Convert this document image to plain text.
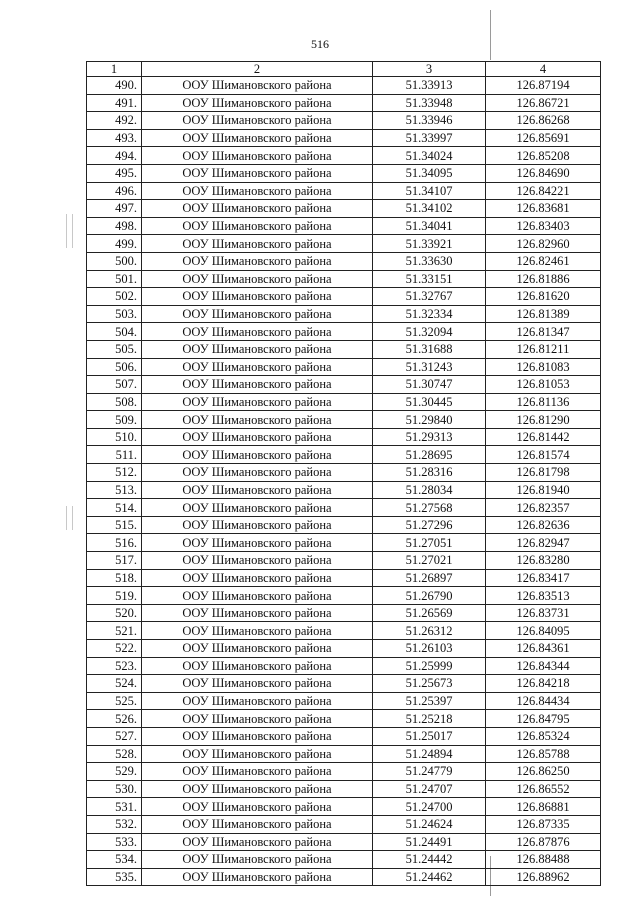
516
1	2	3	4
490.	ООУ Шимановского района	51.33913	126.87194
491.	ООУ Шимановского района	51.33948	126.86721
492.	ООУ Шимановского района	51.33946	126.86268
493.	ООУ Шимановского района	51.33997	126.85691
494.	ООУ Шимановского района	51.34024	126.85208
495.	ООУ Шимановского района	51.34095	126.84690
496.	ООУ Шимановского района	51.34107	126.84221
497.	ООУ Шимановского района	51.34102	126.83681
498.	ООУ Шимановского района	51.34041	126.83403
499.	ООУ Шимановского района	51.33921	126.82960
500.	ООУ Шимановского района	51.33630	126.82461
501.	ООУ Шимановского района	51.33151	126.81886
502.	ООУ Шимановского района	51.32767	126.81620
503.	ООУ Шимановского района	51.32334	126.81389
504.	ООУ Шимановского района	51.32094	126.81347
505.	ООУ Шимановского района	51.31688	126.81211
506.	ООУ Шимановского района	51.31243	126.81083
507.	ООУ Шимановского района	51.30747	126.81053
508.	ООУ Шимановского района	51.30445	126.81136
509.	ООУ Шимановского района	51.29840	126.81290
510.	ООУ Шимановского района	51.29313	126.81442
511.	ООУ Шимановского района	51.28695	126.81574
512.	ООУ Шимановского района	51.28316	126.81798
513.	ООУ Шимановского района	51.28034	126.81940
514.	ООУ Шимановского района	51.27568	126.82357
515.	ООУ Шимановского района	51.27296	126.82636
516.	ООУ Шимановского района	51.27051	126.82947
517.	ООУ Шимановского района	51.27021	126.83280
518.	ООУ Шимановского района	51.26897	126.83417
519.	ООУ Шимановского района	51.26790	126.83513
520.	ООУ Шимановского района	51.26569	126.83731
521.	ООУ Шимановского района	51.26312	126.84095
522.	ООУ Шимановского района	51.26103	126.84361
523.	ООУ Шимановского района	51.25999	126.84344
524.	ООУ Шимановского района	51.25673	126.84218
525.	ООУ Шимановского района	51.25397	126.84434
526.	ООУ Шимановского района	51.25218	126.84795
527.	ООУ Шимановского района	51.25017	126.85324
528.	ООУ Шимановского района	51.24894	126.85788
529.	ООУ Шимановского района	51.24779	126.86250
530.	ООУ Шимановского района	51.24707	126.86552
531.	ООУ Шимановского района	51.24700	126.86881
532.	ООУ Шимановского района	51.24624	126.87335
533.	ООУ Шимановского района	51.24491	126.87876
534.	ООУ Шимановского района	51.24442	126.88488
535.	ООУ Шимановского района	51.24462	126.88962
